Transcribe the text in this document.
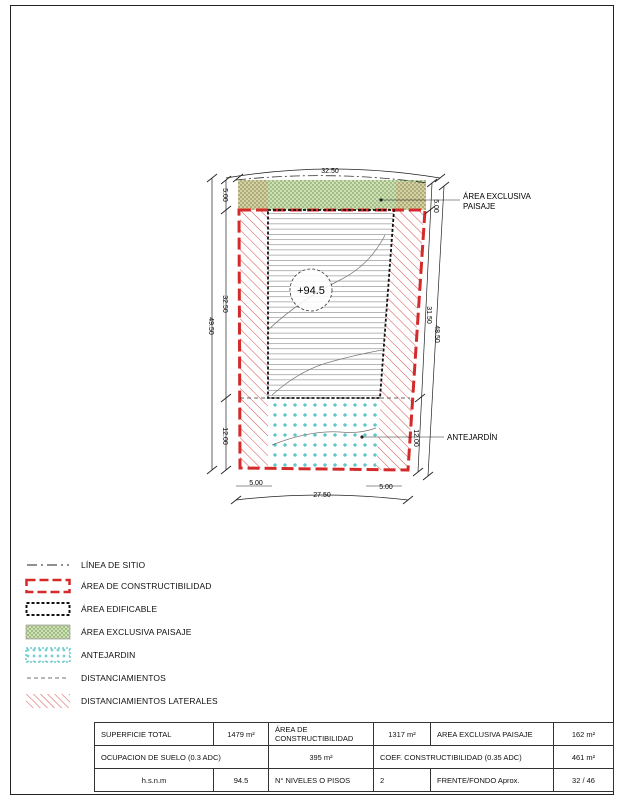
+94.5
32.50
27.50
5.00
5.00
49.50
5.00
32.50
12.00
5.00
31.50
12.00
48.50
ÁREA EXCLUSIVA
PAISAJE
ANTEJARDÍN
LÍNEA DE SITIO
ÁREA DE CONSTRUCTIBILIDAD
ÁREA EDIFICABLE
ÁREA EXCLUSIVA PAISAJE
ANTEJARDIN
DISTANCIAMIENTOS
DISTANCIAMIENTOS LATERALES
	SUPERFICIE TOTAL	1479 m²	ÁREA DE CONSTRUCTIBILIDAD	1317 m²	AREA EXCLUSIVA PAISAJE	162 m²
	OCUPACION DE SUELO (0.3 ADC)		395 m²	COEF. CONSTRUCTIBILIDAD (0.35 ADC)		461 m²
	h.s.n.m	94.5	N° NIVELES O PISOS	2	FRENTE/FONDO Aprox.	32 / 46
